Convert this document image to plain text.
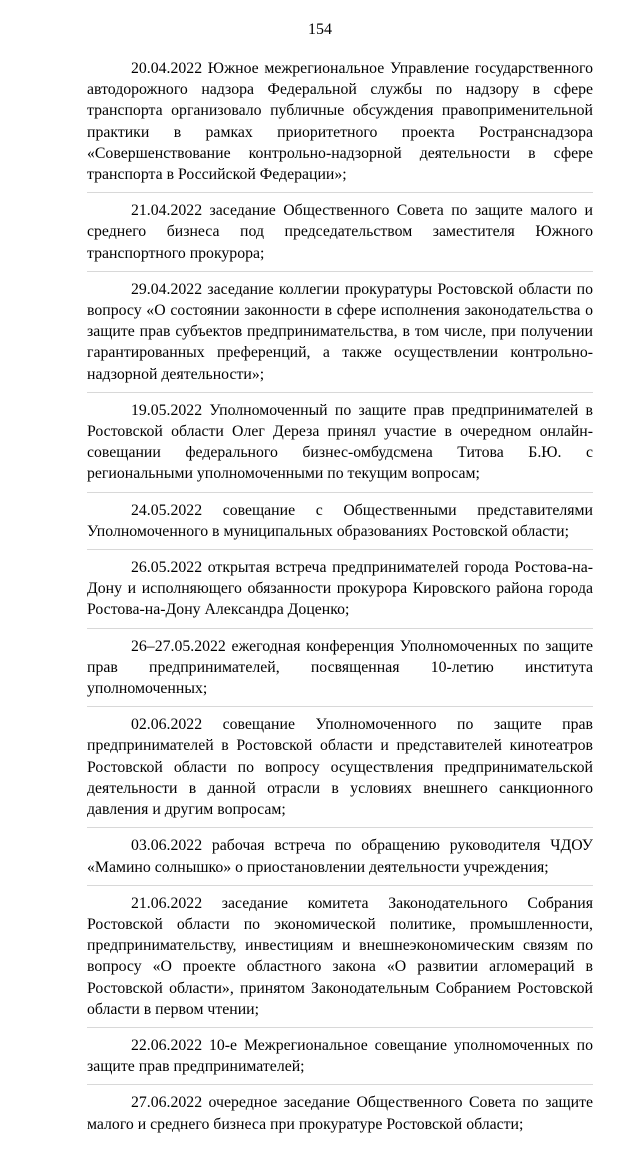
154

20.04.2022 Южное межрегиональное Управление государственного автодорожного надзора Федеральной службы по надзору в сфере транспорта организовало публичные обсуждения правоприменительной практики в рамках приоритетного проекта Ространснадзора «Совершенствование контрольно-надзорной деятельности в сфере транспорта в Российской Федерации»;

21.04.2022 заседание Общественного Совета по защите малого и среднего бизнеса под председательством заместителя Южного транспортного прокурора;

29.04.2022 заседание коллегии прокуратуры Ростовской области по вопросу «О состоянии законности в сфере исполнения законодательства о защите прав субъектов предпринимательства, в том числе, при получении гарантированных преференций, а также осуществлении контрольно-надзорной деятельности»;

19.05.2022 Уполномоченный по защите прав предпринимателей в Ростовской области Олег Дереза принял участие в очередном онлайн-совещании федерального бизнес-омбудсмена Титова Б.Ю. с региональными уполномоченными по текущим вопросам;

24.05.2022 совещание с Общественными представителями Уполномоченного в муниципальных образованиях Ростовской области;

26.05.2022 открытая встреча предпринимателей города Ростова-на-Дону и исполняющего обязанности прокурора Кировского района города Ростова-на-Дону Александра Доценко;

26–27.05.2022 ежегодная конференция Уполномоченных по защите прав предпринимателей, посвященная 10-летию института уполномоченных;

02.06.2022 совещание Уполномоченного по защите прав предпринимателей в Ростовской области и представителей кинотеатров Ростовской области по вопросу осуществления предпринимательской деятельности в данной отрасли в условиях внешнего санкционного давления и другим вопросам;

03.06.2022 рабочая встреча по обращению руководителя ЧДОУ «Мамино солнышко» о приостановлении деятельности учреждения;

21.06.2022 заседание комитета Законодательного Собрания Ростовской области по экономической политике, промышленности, предпринимательству, инвестициям и внешнеэкономическим связям по вопросу «О проекте областного закона «О развитии агломераций в Ростовской области», принятом Законодательным Собранием Ростовской области в первом чтении;

22.06.2022 10-е Межрегиональное совещание уполномоченных по защите прав предпринимателей;

27.06.2022 очередное заседание Общественного Совета по защите малого и среднего бизнеса при прокуратуре Ростовской области;
